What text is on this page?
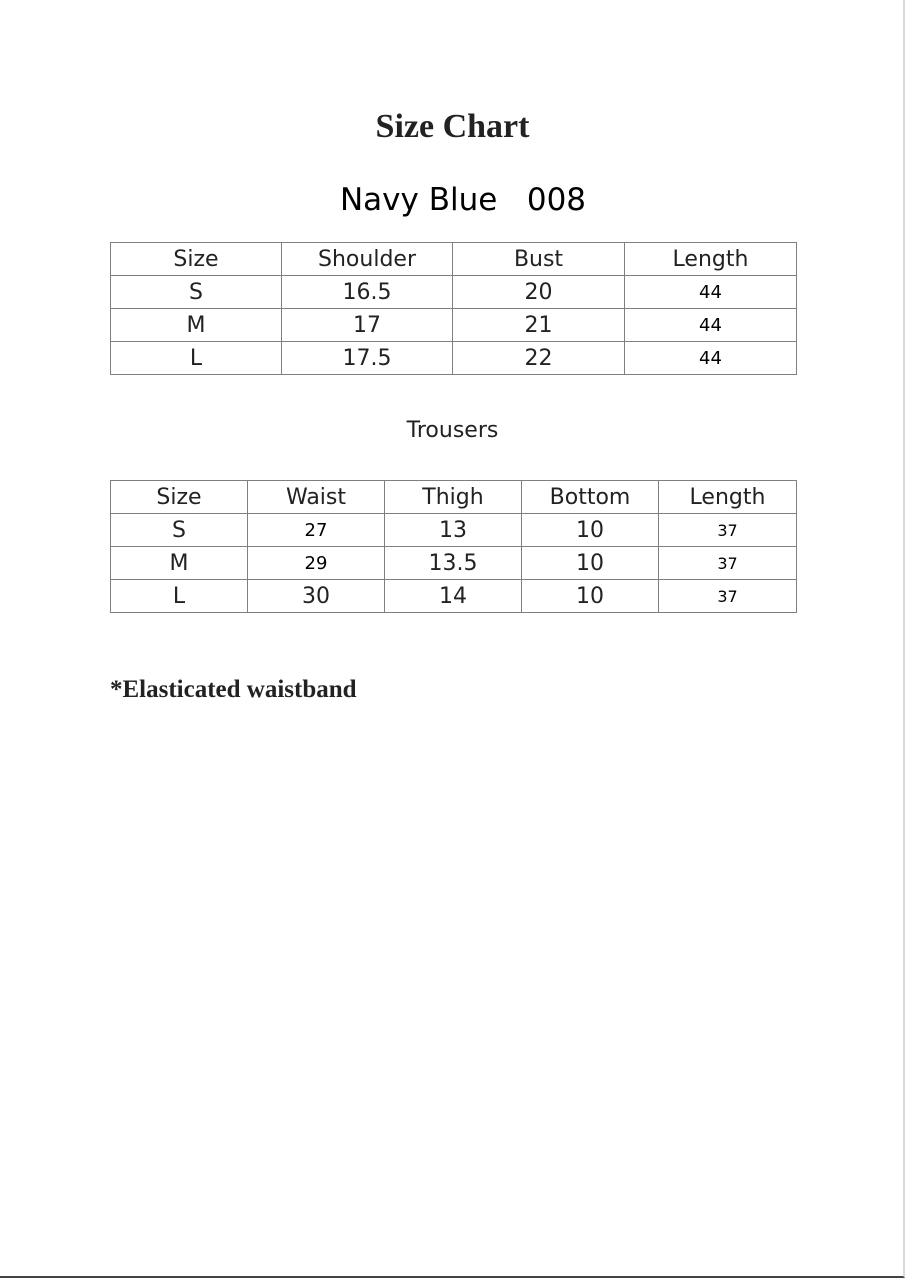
Size Chart
Navy Blue   008
Size	Shoulder	Bust	Length
S	16.5	20	44
M	17	21	44
L	17.5	22	44
Trousers
Size	Waist	Thigh	Bottom	Length
S	27	13	10	37
M	29	13.5	10	37
L	30	14	10	37
*Elasticated waistband
